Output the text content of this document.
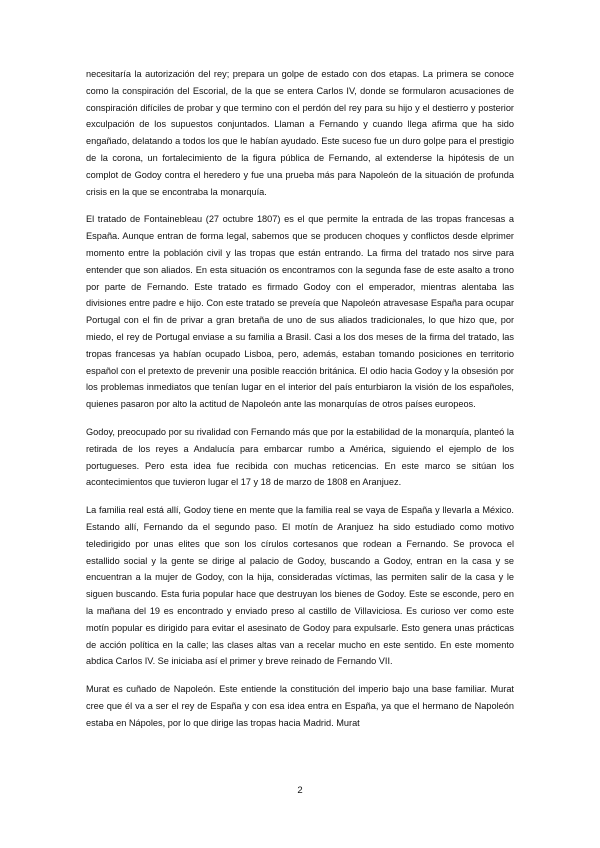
necesitaría la autorización del rey; prepara un golpe de estado con dos etapas. La primera se conoce como la conspiración del Escorial, de la que se entera Carlos IV, donde se formularon acusaciones de conspiración difíciles de probar y que termino con el perdón del rey para su hijo y el destierro y posterior exculpación de los supuestos conjuntados. Llaman a Fernando y cuando llega afirma que ha sido engañado, delatando a todos los que le habían ayudado. Este suceso fue un duro golpe para el prestigio de la corona, un fortalecimiento de la figura pública de Fernando, al extenderse la hipótesis de un complot de Godoy contra el heredero y fue una prueba más para Napoleón de la situación de profunda crisis en la que se encontraba la monarquía.

El tratado de Fontainebleau (27 octubre 1807) es el que permite la entrada de las tropas francesas a España. Aunque entran de forma legal, sabemos que se producen choques y conflictos desde elprimer momento entre la población civil y las tropas que están entrando. La firma del tratado nos sirve para entender que son aliados. En esta situación os encontramos con la segunda fase de este asalto a trono por parte de Fernando. Este tratado es firmado Godoy con el emperador, mientras alentaba las divisiones entre padre e hijo. Con este tratado se preveía que Napoleón atravesase España para ocupar Portugal con el fin de privar a gran bretaña de uno de sus aliados tradicionales, lo que hizo que, por miedo, el rey de Portugal enviase a su familia a Brasil. Casi a los dos meses de la firma del tratado, las tropas francesas ya habían ocupado Lisboa, pero, además, estaban tomando posiciones en territorio español con el pretexto de prevenir una posible reacción británica. El odio hacia Godoy y la obsesión por los problemas inmediatos que tenían lugar en el interior del país enturbiaron la visión de los españoles, quienes pasaron por alto la actitud de Napoleón ante las monarquías de otros países europeos.

Godoy, preocupado por su rivalidad con Fernando más que por la estabilidad de la monarquía, planteó la retirada de los reyes a Andalucía para embarcar rumbo a América, siguiendo el ejemplo de los portugueses. Pero esta idea fue recibida con muchas reticencias. En este marco se sitúan los acontecimientos que tuvieron lugar el 17 y 18 de marzo de 1808 en Aranjuez.

La familia real está allí, Godoy tiene en mente que la familia real se vaya de España y llevarla a México. Estando allí, Fernando da el segundo paso. El motín de Aranjuez ha sido estudiado como motivo teledirigido por unas elites que son los círulos cortesanos que rodean a Fernando. Se provoca el estallido social y la gente se dirige al palacio de Godoy, buscando a Godoy, entran en la casa y se encuentran a la mujer de Godoy, con la hija, consideradas víctimas, las permiten salir de la casa y le siguen buscando. Esta furia popular hace que destruyan los bienes de Godoy. Este se esconde, pero en la mañana del 19 es encontrado y enviado preso al castillo de Villaviciosa. Es curioso ver como este motín popular es dirigido para evitar el asesinato de Godoy para expulsarle. Esto genera unas prácticas de acción política en la calle; las clases altas van a recelar mucho en este sentido. En este momento abdica Carlos IV. Se iniciaba así el primer y breve reinado de Fernando VII.

Murat es cuñado de Napoleón. Este entiende la constitución del imperio bajo una base familiar. Murat cree que él va a ser el rey de España y con esa idea entra en España, ya que el hermano de Napoleón estaba en Nápoles, por lo que dirige las tropas hacia Madrid. Murat

2
